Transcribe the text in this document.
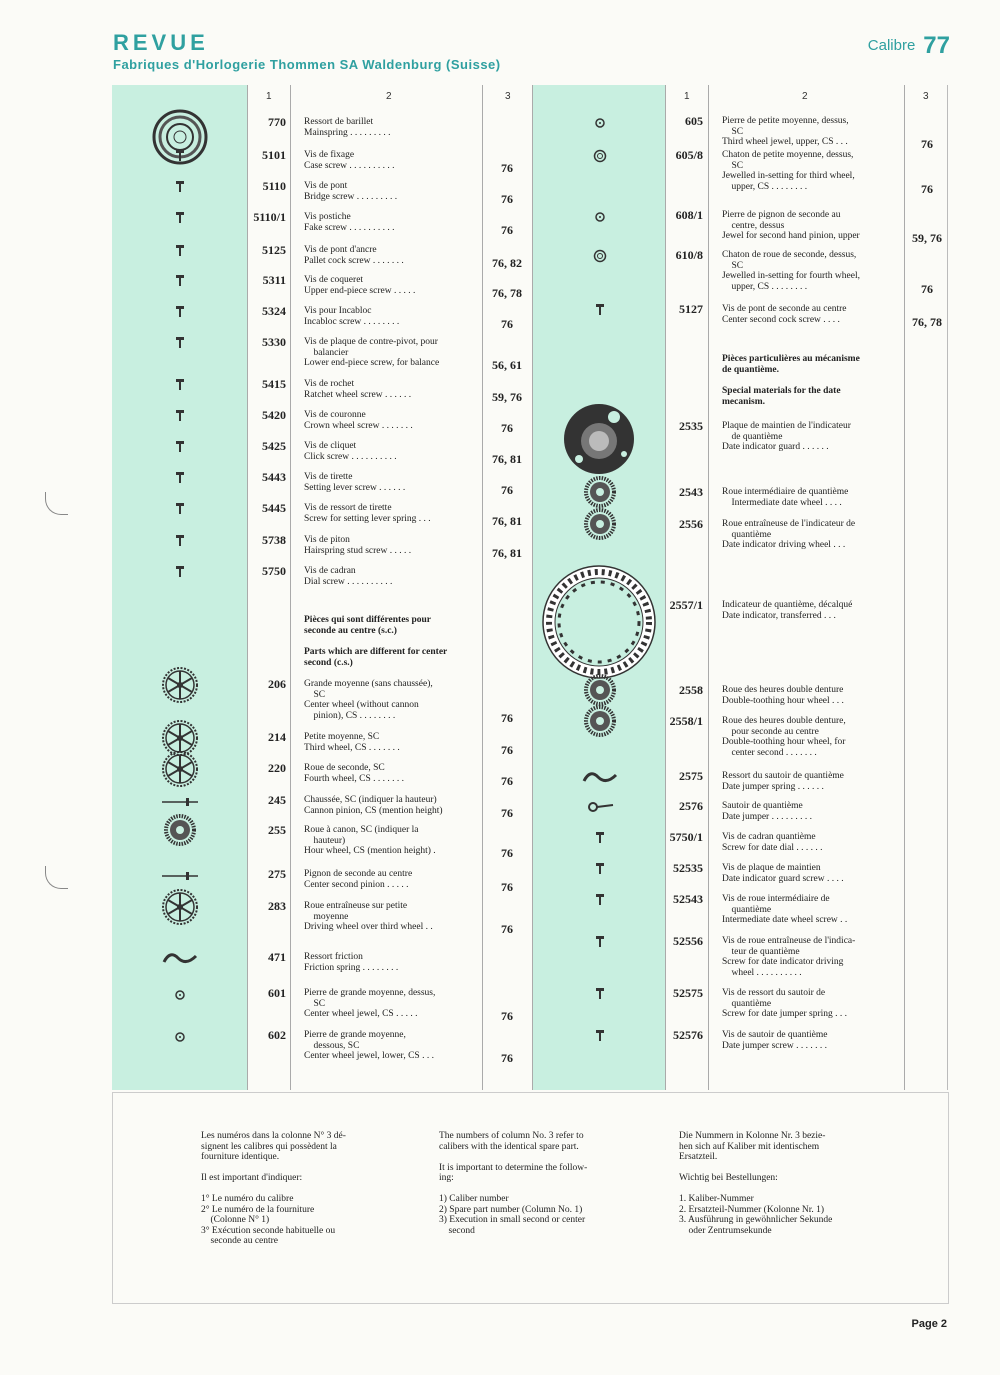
REVUE
Fabriques d'Horlogerie Thommen SA Waldenburg (Suisse)
Calibre 77
1	2	3	1	2	3
770 Ressort de barillet
Mainspring . . . . . . . . .
5101 Vis de fixage
Case screw . . . . . . . . . .	76
5110 Vis de pont
Bridge screw . . . . . . . . .	76
5110/1 Vis postiche
Fake screw . . . . . . . . . .	76
5125 Vis de pont d'ancre
Pallet cock screw . . . . . . .	76, 82
5311 Vis de coqueret
Upper end-piece screw . . . . .	76, 78
5324 Vis pour Incabloc
Incabloc screw . . . . . . . .	76
5330 Vis de plaque de contre-pivot, pour
balancier
Lower end-piece screw, for balance	56, 61
5415 Vis de rochet
Ratchet wheel screw . . . . . .	59, 76
5420 Vis de couronne
Crown wheel screw . . . . . . .	76
5425 Vis de cliquet
Click screw . . . . . . . . . .	76, 81
5443 Vis de tirette
Setting lever screw . . . . . .	76
5445 Vis de ressort de tirette
Screw for setting lever spring . . .	76, 81
5738 Vis de piton
Hairspring stud screw . . . . .	76, 81
5750 Vis de cadran
Dial screw . . . . . . . . . .
206 Grande moyenne (sans chaussée),
SC
Center wheel (without cannon
pinion), CS . . . . . . . .	76
214 Petite moyenne, SC
Third wheel, CS . . . . . . .	76
220 Roue de seconde, SC
Fourth wheel, CS . . . . . . .	76
245 Chaussée, SC (indiquer la hauteur)
Cannon pinion, CS (mention height)	76
255 Roue à canon, SC (indiquer la
hauteur)
Hour wheel, CS (mention height) .	76
275 Pignon de seconde au centre
Center second pinion . . . . .	76
283 Roue entraîneuse sur petite
moyenne
Driving wheel over third wheel . .	76
471 Ressort friction
Friction spring . . . . . . . .
601 Pierre de grande moyenne, dessus,
SC
Center wheel jewel, CS . . . . .	76
602 Pierre de grande moyenne,
dessous, SC
Center wheel jewel, lower, CS . . .	76
605 Pierre de petite moyenne, dessus,
SC
Third wheel jewel, upper, CS . . .	76
605/8 Chaton de petite moyenne, dessus,
SC
Jewelled in-setting for third wheel,
upper, CS . . . . . . . .	76
608/1 Pierre de pignon de seconde au
centre, dessus
Jewel for second hand pinion, upper	59, 76
610/8 Chaton de roue de seconde, dessus,
SC
Jewelled in-setting for fourth wheel,
upper, CS . . . . . . . .	76
5127 Vis de pont de seconde au centre
Center second cock screw . . . .	76, 78
2535 Plaque de maintien de l'indicateur
de quantième
Date indicator guard . . . . . .
2543 Roue intermédiaire de quantième
Intermediate date wheel . . . .
2556 Roue entraîneuse de l'indicateur de
quantième
Date indicator driving wheel . . .
2557/1 Indicateur de quantième, décalqué
Date indicator, transferred . . .
2558 Roue des heures double denture
Double-toothing hour wheel . . .
2558/1 Roue des heures double denture,
pour seconde au centre
Double-toothing hour wheel, for
center second . . . . . . .
2575 Ressort du sautoir de quantième
Date jumper spring . . . . . .
2576 Sautoir de quantième
Date jumper . . . . . . . . .
5750/1 Vis de cadran quantième
Screw for date dial . . . . . .
52535 Vis de plaque de maintien
Date indicator guard screw . . . .
52543 Vis de roue intermédiaire de
quantième
Intermediate date wheel screw . .
52556 Vis de roue entraîneuse de l'indica-
teur de quantième
Screw for date indicator driving
wheel . . . . . . . . . .
52575 Vis de ressort du sautoir de
quantième
Screw for date jumper spring . . .
52576 Vis de sautoir de quantième
Date jumper screw . . . . . . .
Pièces qui sont différentes pour
seconde au centre (s.c.)
Parts which are different for center
second (c.s.)
Pièces particulières au mécanisme
de quantième.
Special materials for the date
mecanism.
Les numéros dans la colonne N° 3 dé-
signent les calibres qui possèdent la
fourniture identique.

Il est important d'indiquer:

1° Le numéro du calibre
2° Le numéro de la fourniture
(Colonne N° 1)
3° Exécution seconde habituelle ou
seconde au centre
The numbers of column No. 3 refer to
calibers with the identical spare part.

It is important to determine the follow-
ing:

1) Caliber number
2) Spare part number (Column No. 1)
3) Execution in small second or center
second
Die Nummern in Kolonne Nr. 3 bezie-
hen sich auf Kaliber mit identischem
Ersatzteil.

Wichtig bei Bestellungen:

1. Kaliber-Nummer
2. Ersatzteil-Nummer (Kolonne Nr. 1)
3. Ausführung in gewöhnlicher Sekunde
oder Zentrumsekunde
Page 2
